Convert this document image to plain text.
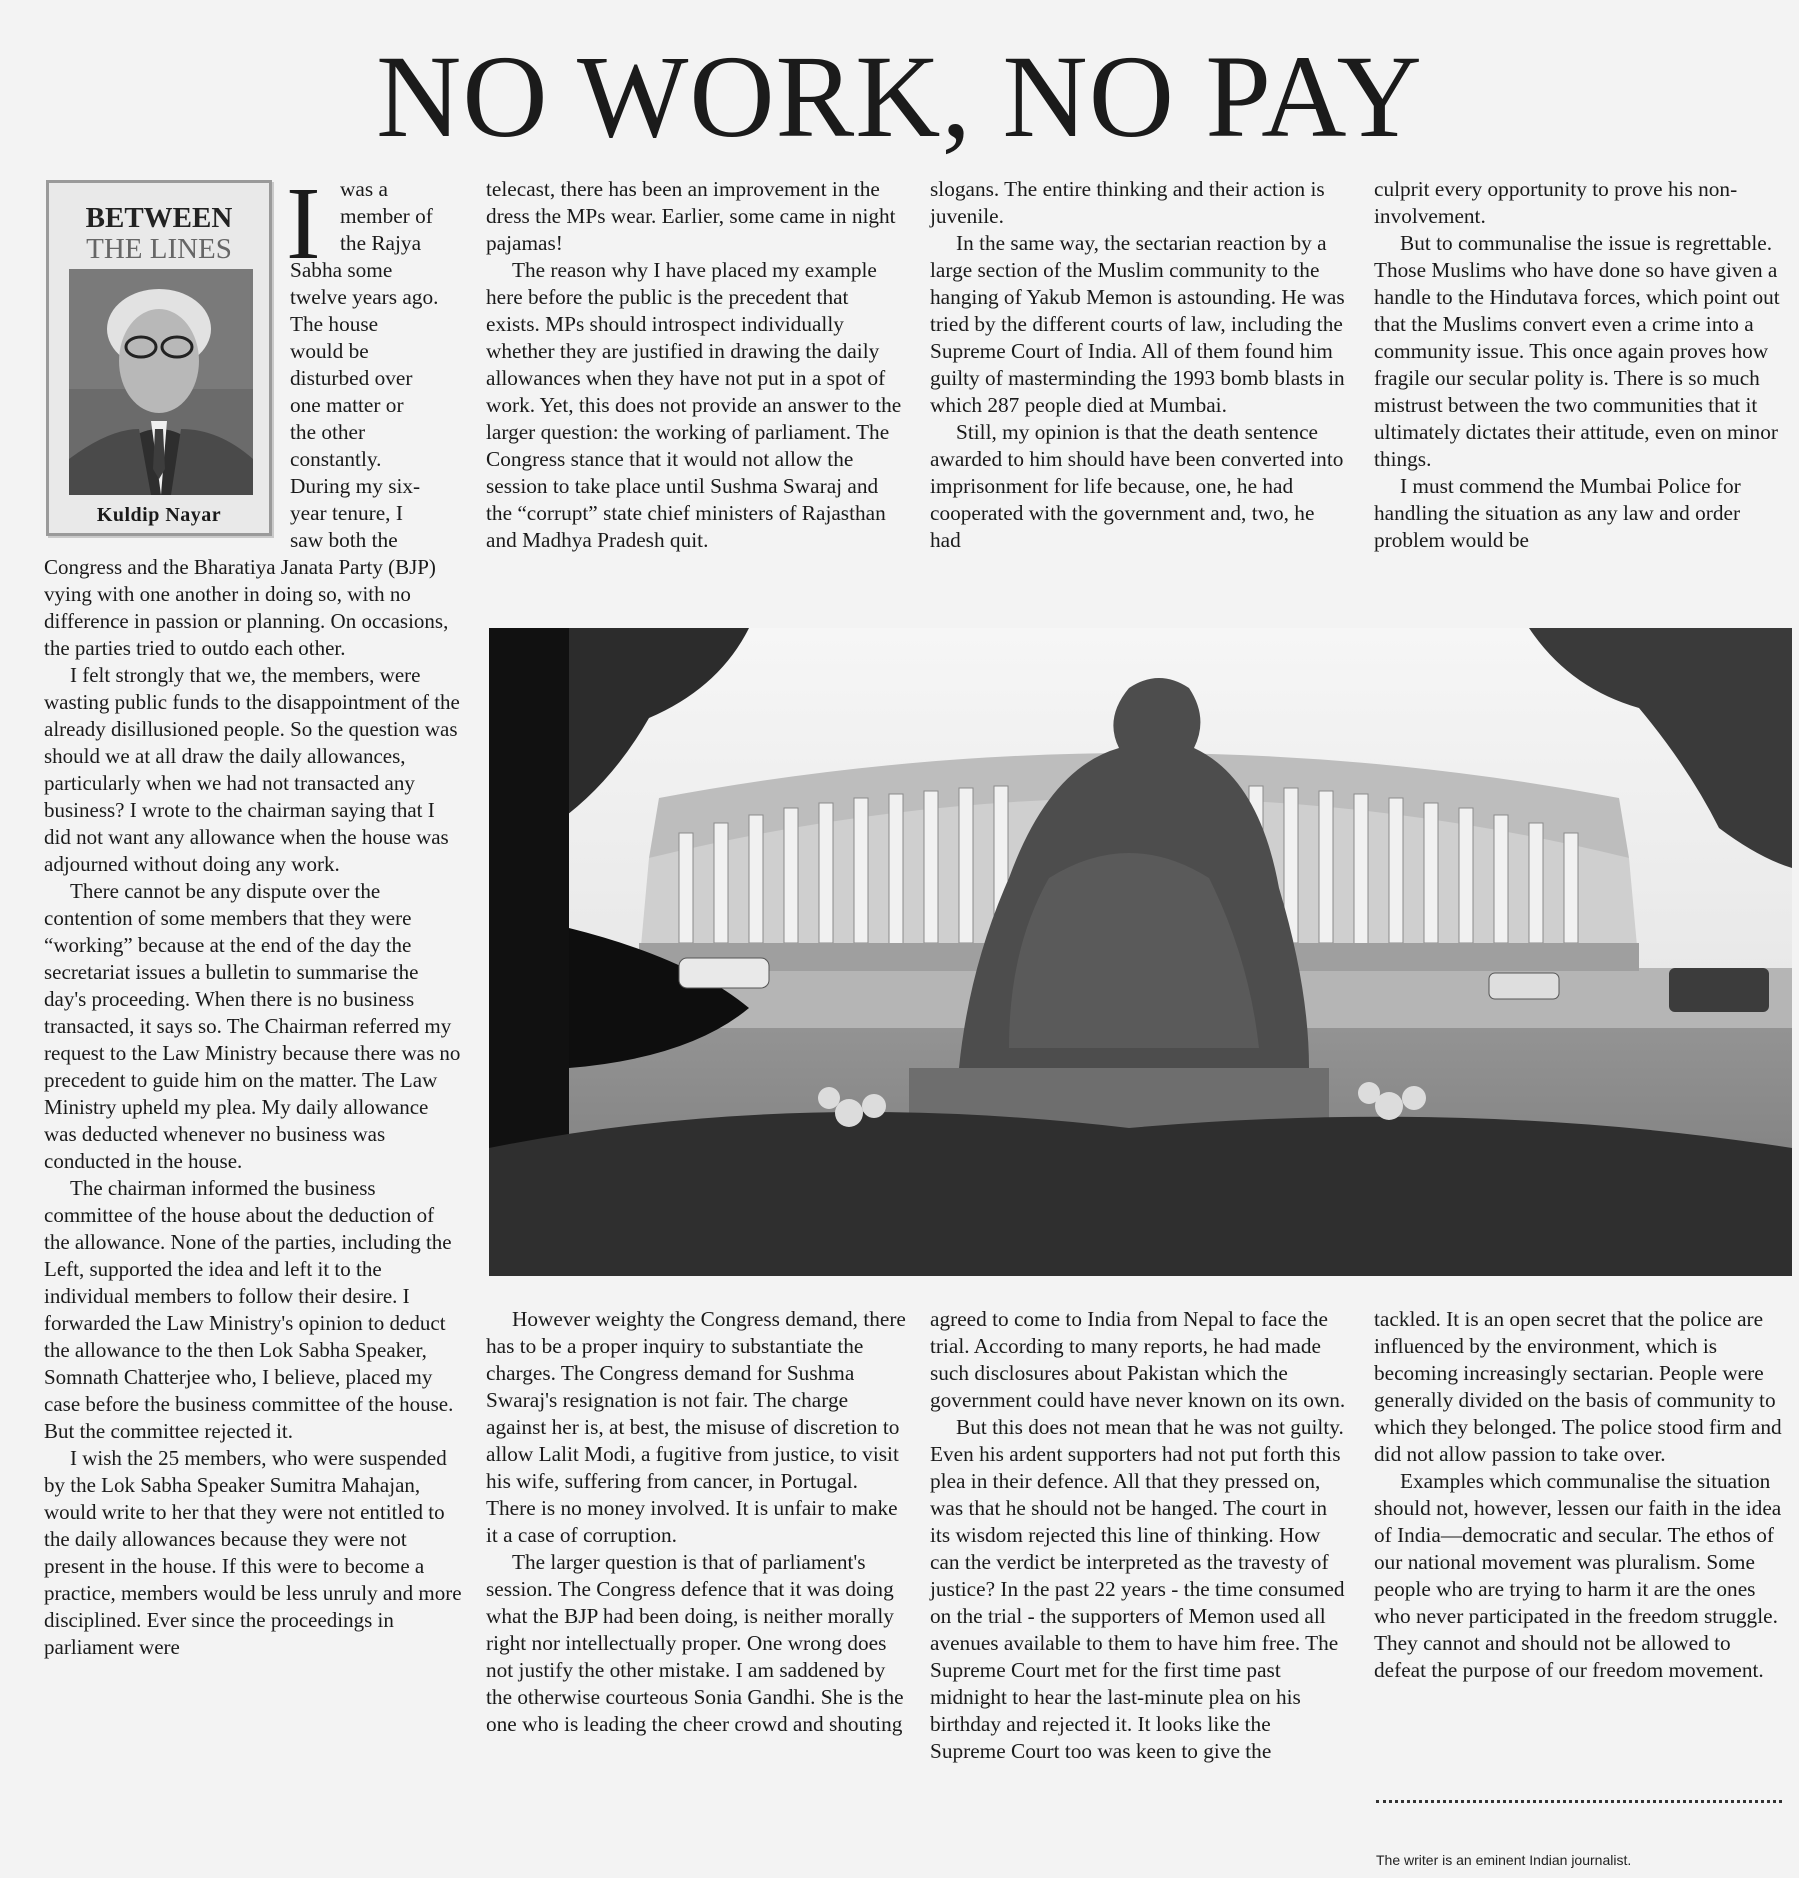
NO WORK, NO PAY
BETWEEN
THE LINES
Kuldip Nayar
I was a
member of
the Rajya
Sabha some
twelve years ago.
The house
would be
disturbed over
one matter or
the other
constantly.
During my six-
year tenure, I
saw both the

Congress and the Bharatiya Janata Party (BJP) vying with one another in doing so, with no difference in passion or planning. On occasions, the parties tried to outdo each other.

I felt strongly that we, the members, were wasting public funds to the disappointment of the already disillusioned people. So the question was should we at all draw the daily allowances, particularly when we had not transacted any business? I wrote to the chairman saying that I did not want any allowance when the house was adjourned without doing any work.

There cannot be any dispute over the contention of some members that they were “working” because at the end of the day the secretariat issues a bulletin to summarise the day's proceeding. When there is no business transacted, it says so. The Chairman referred my request to the Law Ministry because there was no precedent to guide him on the matter. The Law Ministry upheld my plea. My daily allowance was deducted whenever no business was conducted in the house.

The chairman informed the business committee of the house about the deduction of the allowance. None of the parties, including the Left, supported the idea and left it to the individual members to follow their desire. I forwarded the Law Ministry's opinion to deduct the allowance to the then Lok Sabha Speaker, Somnath Chatterjee who, I believe, placed my case before the business committee of the house. But the committee rejected it.

I wish the 25 members, who were suspended by the Lok Sabha Speaker Sumitra Mahajan, would write to her that they were not entitled to the daily allowances because they were not present in the house. If this were to become a practice, members would be less unruly and more disciplined. Ever since the proceedings in parliament were

telecast, there has been an improvement in the dress the MPs wear. Earlier, some came in night pajamas!

The reason why I have placed my example here before the public is the precedent that exists. MPs should introspect individually whether they are justified in drawing the daily allowances when they have not put in a spot of work. Yet, this does not provide an answer to the larger question: the working of parliament. The Congress stance that it would not allow the session to take place until Sushma Swaraj and the “corrupt” state chief ministers of Rajasthan and Madhya Pradesh quit.

slogans. The entire thinking and their action is juvenile.

In the same way, the sectarian reaction by a large section of the Muslim community to the hanging of Yakub Memon is astounding. He was tried by the different courts of law, including the Supreme Court of India. All of them found him guilty of masterminding the 1993 bomb blasts in which 287 people died at Mumbai.

Still, my opinion is that the death sentence awarded to him should have been converted into imprisonment for life because, one, he had cooperated with the government and, two, he had

culprit every opportunity to prove his non-involvement.

But to communalise the issue is regrettable. Those Muslims who have done so have given a handle to the Hindutava forces, which point out that the Muslims convert even a crime into a community issue. This once again proves how fragile our secular polity is. There is so much mistrust between the two communities that it ultimately dictates their attitude, even on minor things.

I must commend the Mumbai Police for handling the situation as any law and order problem would be

However weighty the Congress demand, there has to be a proper inquiry to substantiate the charges. The Congress demand for Sushma Swaraj's resignation is not fair. The charge against her is, at best, the misuse of discretion to allow Lalit Modi, a fugitive from justice, to visit his wife, suffering from cancer, in Portugal. There is no money involved. It is unfair to make it a case of corruption.

The larger question is that of parliament's session. The Congress defence that it was doing what the BJP had been doing, is neither morally right nor intellectually proper. One wrong does not justify the other mistake. I am saddened by the otherwise courteous Sonia Gandhi. She is the one who is leading the cheer crowd and shouting

agreed to come to India from Nepal to face the trial. According to many reports, he had made such disclosures about Pakistan which the government could have never known on its own.

But this does not mean that he was not guilty. Even his ardent supporters had not put forth this plea in their defence. All that they pressed on, was that he should not be hanged. The court in its wisdom rejected this line of thinking. How can the verdict be interpreted as the travesty of justice? In the past 22 years - the time consumed on the trial - the supporters of Memon used all avenues available to them to have him free. The Supreme Court met for the first time past midnight to hear the last-minute plea on his birthday and rejected it. It looks like the Supreme Court too was keen to give the

tackled. It is an open secret that the police are influenced by the environment, which is becoming increasingly sectarian. People were generally divided on the basis of community to which they belonged. The police stood firm and did not allow passion to take over.

Examples which communalise the situation should not, however, lessen our faith in the idea of India—democratic and secular. The ethos of our national movement was pluralism. Some people who are trying to harm it are the ones who never participated in the freedom struggle. They cannot and should not be allowed to defeat the purpose of our freedom movement.

The writer is an eminent Indian journalist.
